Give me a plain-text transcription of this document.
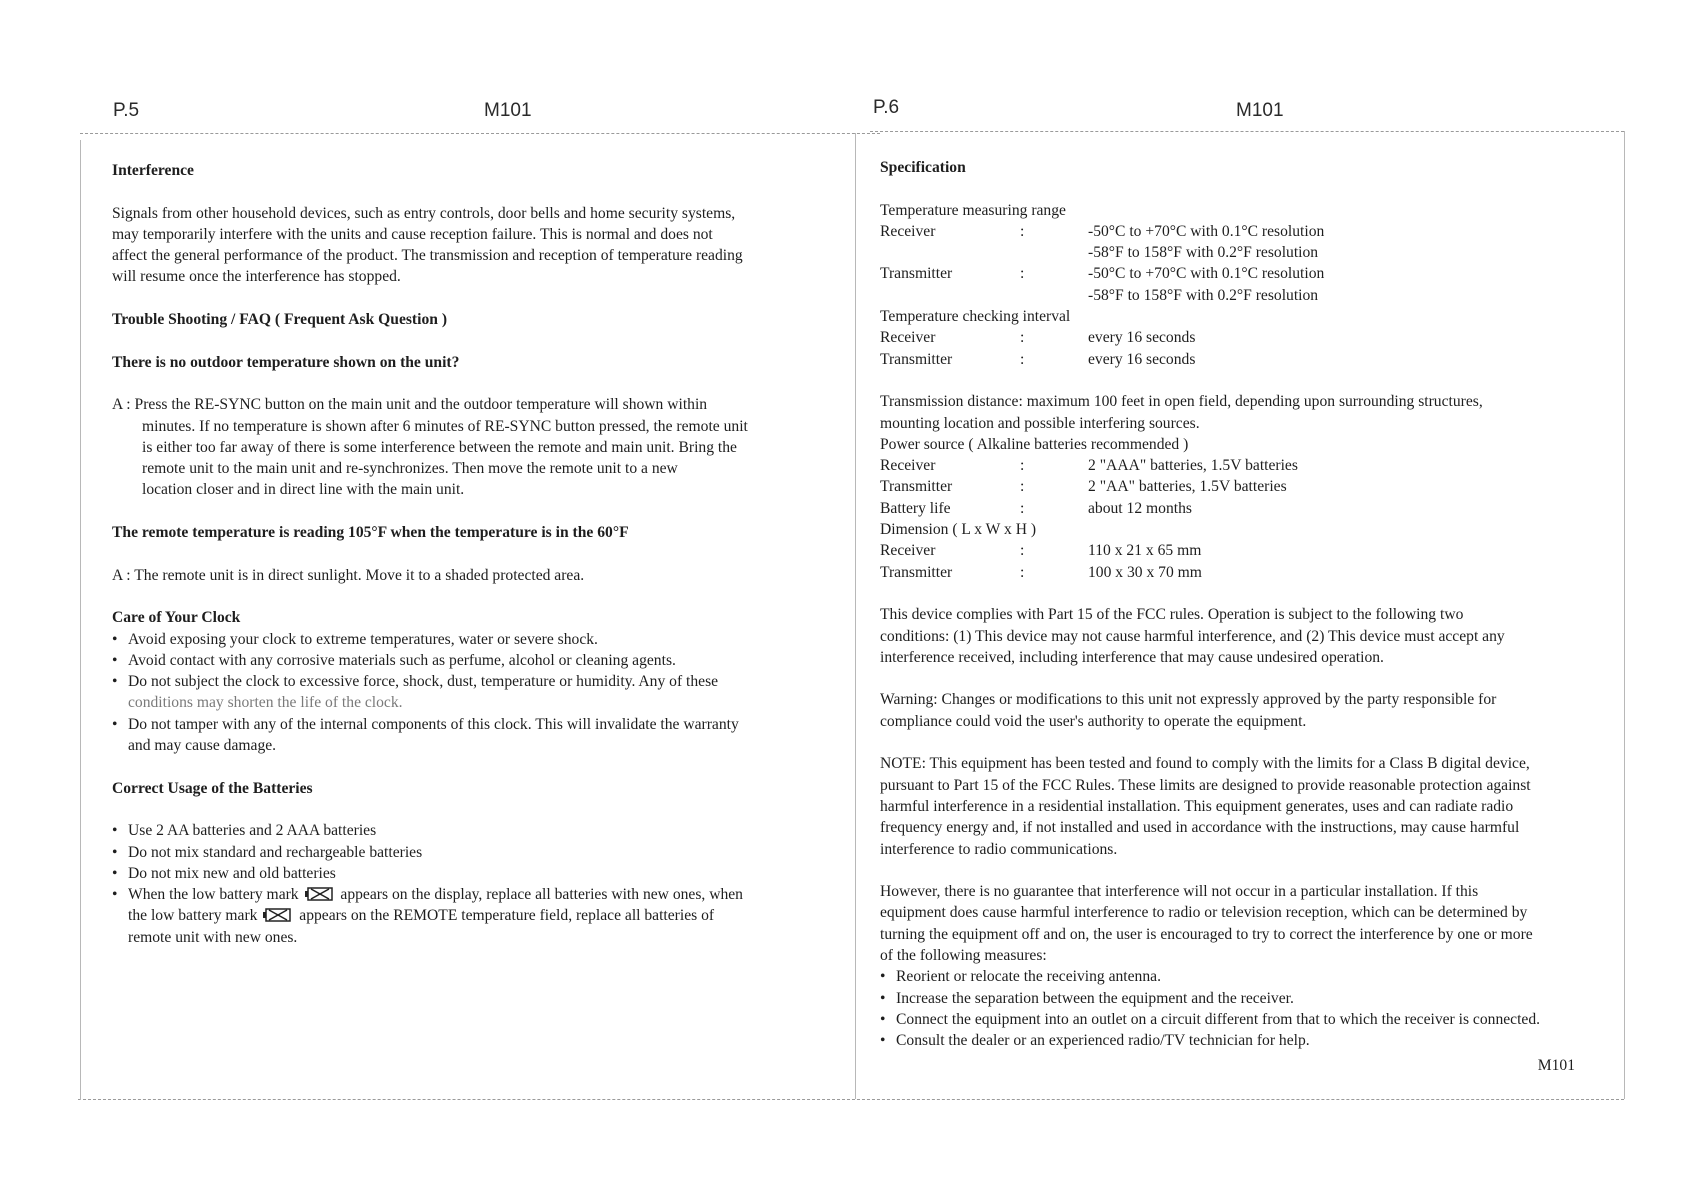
P.5	M101	P.6	M101

Interference

Signals from other household devices, such as entry controls, door bells and home security systems,

may temporarily interfere with the units and cause reception failure. This is normal and does not

affect the general performance of the product. The transmission and reception of temperature reading

will resume once the interference has stopped.

Trouble Shooting / FAQ ( Frequent Ask Question )

There is no outdoor temperature shown on the unit?

A : Press the RE-SYNC button on the main unit and the outdoor temperature will shown within

minutes. If no temperature is shown after 6 minutes of RE-SYNC button pressed, the remote unit

is either too far away of there is some interference between the remote and main unit. Bring the

remote unit to the main unit and re-synchronizes. Then move the remote unit to a new

location closer and in direct line with the main unit.

The remote temperature is reading 105°F when the temperature is in the 60°F

A : The remote unit is in direct sunlight. Move it to a shaded protected area.

Care of Your Clock

• Avoid exposing your clock to extreme temperatures, water or severe shock.

• Avoid contact with any corrosive materials such as perfume, alcohol or cleaning agents.

• Do not subject the clock to excessive force, shock, dust, temperature or humidity. Any of these

conditions may shorten the life of the clock.

• Do not tamper with any of the internal components of this clock. This will invalidate the warranty

and may cause damage.

Correct Usage of the Batteries

• Use 2 AA batteries and 2 AAA batteries

• Do not mix standard and rechargeable batteries

• Do not mix new and old batteries

• When the low battery mark	appears on the display, replace all batteries with new ones, when

the low battery mark	appears on the REMOTE temperature field, replace all batteries of

remote unit with new ones.

Specification

Temperature measuring range

Receiver	:	-50°C to +70°C with 0.1°C resolution
		-58°F to 158°F with 0.2°F resolution
Transmitter	:	-50°C to +70°C with 0.1°C resolution
		-58°F to 158°F with 0.2°F resolution

Temperature checking interval

Receiver	:	every 16 seconds
Transmitter	:	every 16 seconds

Transmission distance: maximum 100 feet in open field, depending upon surrounding structures,

mounting location and possible interfering sources.

Power source ( Alkaline batteries recommended )

Receiver	:	2 "AAA" batteries, 1.5V batteries
Transmitter	:	2 "AA" batteries, 1.5V batteries
Battery life	:	about 12 months

Dimension ( L x W x H )

Receiver	:	110 x 21 x 65 mm
Transmitter	:	100 x 30 x 70 mm

This device complies with Part 15 of the FCC rules. Operation is subject to the following two

conditions: (1) This device may not cause harmful interference, and (2) This device must accept any

interference received, including interference that may cause undesired operation.

Warning: Changes or modifications to this unit not expressly approved by the party responsible for

compliance could void the user's authority to operate the equipment.

NOTE: This equipment has been tested and found to comply with the limits for a Class B digital device,

pursuant to Part 15 of the FCC Rules. These limits are designed to provide reasonable protection against

harmful interference in a residential installation. This equipment generates, uses and can radiate radio

frequency energy and, if not installed and used in accordance with the instructions, may cause harmful

interference to radio communications.

However, there is no guarantee that interference will not occur in a particular installation. If this

equipment does cause harmful interference to radio or television reception, which can be determined by

turning the equipment off and on, the user is encouraged to try to correct the interference by one or more

of the following measures:

• Reorient or relocate the receiving antenna.

• Increase the separation between the equipment and the receiver.

• Connect the equipment into an outlet on a circuit different from that to which the receiver is connected.

• Consult the dealer or an experienced radio/TV technician for help.

M101
